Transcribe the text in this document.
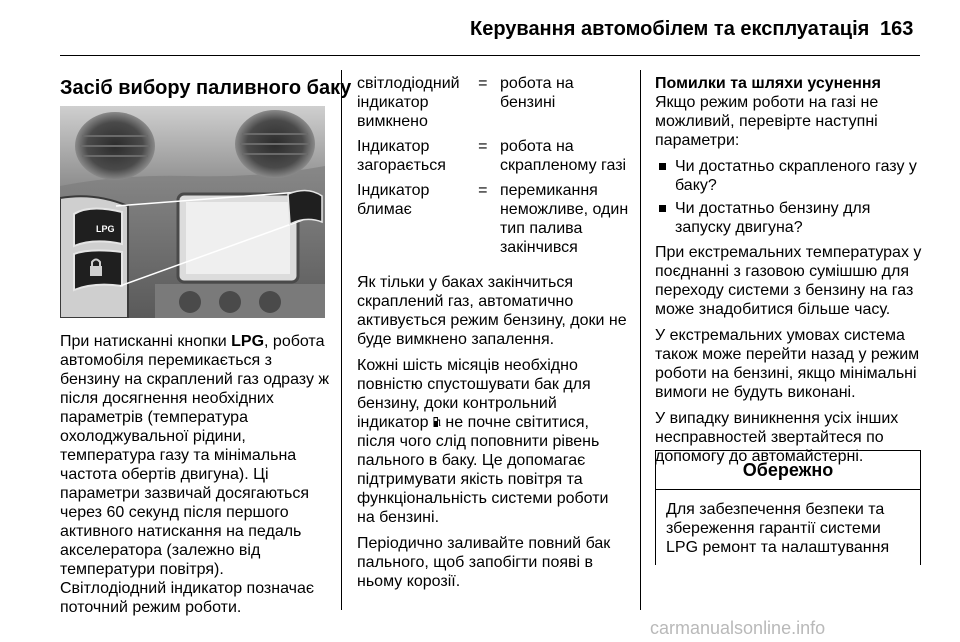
Керування автомобілем та експлуатація 163
Засіб вибору паливного баку
LPG
При натисканні кнопки LPG, робота автомобіля перемикається з бензину на скраплений газ одразу ж після досягнення необхідних параметрів (температура охолоджувальної рідини, температура газу та мінімальна частота обертів двигуна). Ці параметри зазвичай досягаються через 60 секунд після першого активного натискання на педаль акселератора (залежно від температури повітря). Світлодіодний індикатор позначає поточний режим роботи.
світлодіодний індикатор вимкнено
= робота на бензині
Індикатор загорається
= робота на скрапленому газі
Індикатор блимає
= перемикання неможливе, один тип палива закінчився

Як тільки у баках закінчиться скраплений газ, автоматично активується режим бензину, доки не буде вимкнено запалення.

Кожні шість місяців необхідно повністю спустошувати бак для бензину, доки контрольний індикатор  не почне світитися, після чого слід поповнити рівень пального в баку. Це допомагає підтримувати якість повітря та функціональність системи роботи на бензині.

Періодично заливайте повний бак пального, щоб запобігти появі в ньому корозії.

Помилки та шляхи усунення

Якщо режим роботи на газі не можливий, перевірте наступні параметри:

Чи достатньо скрапленого газу у баку?
Чи достатньо бензину для запуску двигуна?

При екстремальних температурах у поєднанні з газовою сумішшю для переходу системи з бензину на газ може знадобитися більше часу.

У екстремальних умовах система також може перейти назад у режим роботи на бензині, якщо мінімальні вимоги не будуть виконані.

У випадку виникнення усіх інших несправностей звертайтеся по допомогу до автомайстерні.

Обережно
Для забезпечення безпеки та збереження гарантії системи LPG ремонт та налаштування
carmanualsonline.info
